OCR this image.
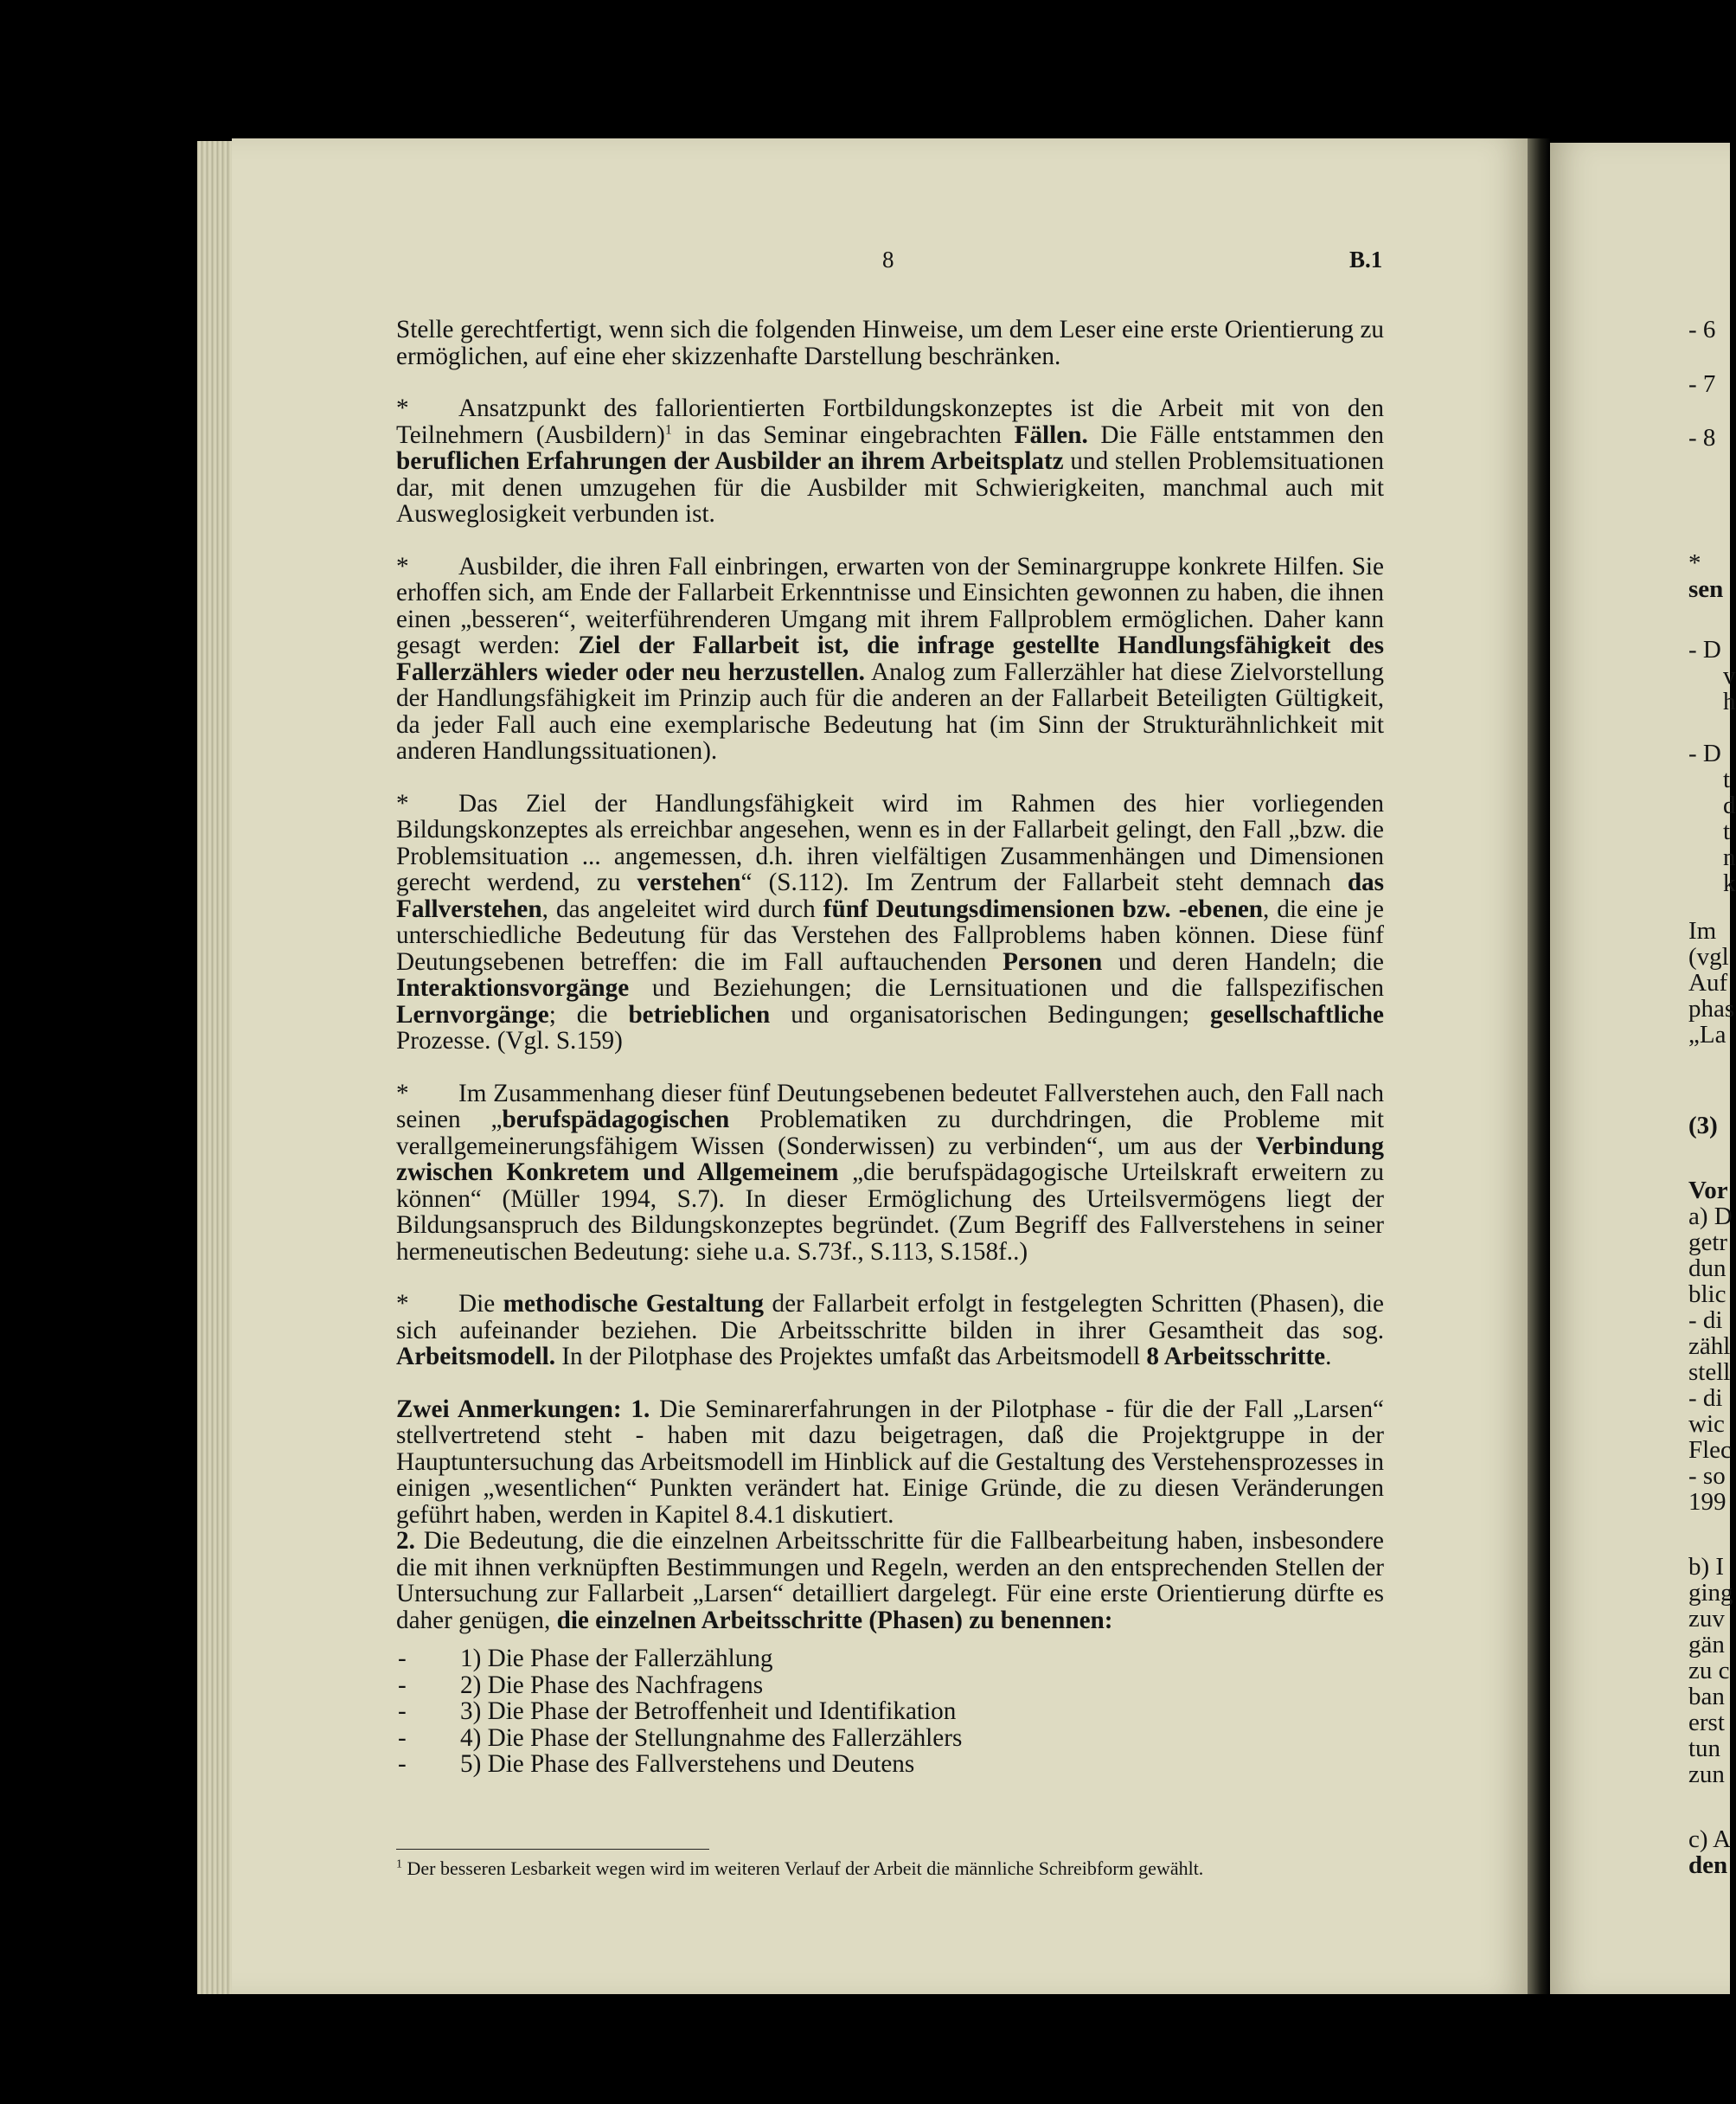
- 6
- 7
- 8
*
sen
- D
v
h
- D
t
d
t
n
k
Im
(vgl
Auf
phas
„La
(3)
Vor
a) D
getr
dun
blic
- di
zähl
stell
- di
wic
Flec
- so
199
b) I
ging
zuv
gän
zu c
ban
erst
tun
zun
c) A
den
8	B.1

Stelle gerechtfertigt, wenn sich die folgenden Hinweise, um dem Leser eine erste Orientierung zu ermöglichen, auf eine eher skizzenhafte Darstellung beschränken.

* Ansatzpunkt des fallorientierten Fortbildungskonzeptes ist die Arbeit mit von den Teilnehmern (Ausbildern)$^1$ in das Seminar eingebrachten Fällen. Die Fälle entstammen den beruflichen Erfahrungen der Ausbilder an ihrem Arbeitsplatz und stellen Problemsituationen dar, mit denen umzugehen für die Ausbilder mit Schwierigkeiten, manchmal auch mit Ausweglosigkeit verbunden ist.

* Ausbilder, die ihren Fall einbringen, erwarten von der Seminargruppe konkrete Hilfen. Sie erhoffen sich, am Ende der Fallarbeit Erkenntnisse und Einsichten gewonnen zu haben, die ihnen einen „besseren“, weiterführenderen Umgang mit ihrem Fallproblem ermöglichen. Daher kann gesagt werden: Ziel der Fallarbeit ist, die infrage gestellte Handlungsfähigkeit des Fallerzählers wieder oder neu herzustellen. Analog zum Fallerzähler hat diese Zielvorstellung der Handlungsfähigkeit im Prinzip auch für die anderen an der Fallarbeit Beteiligten Gültigkeit, da jeder Fall auch eine exemplarische Bedeutung hat (im Sinn der Strukturähnlichkeit mit anderen Handlungssituationen).

* Das Ziel der Handlungsfähigkeit wird im Rahmen des hier vorliegenden Bildungskonzeptes als erreichbar angesehen, wenn es in der Fallarbeit gelingt, den Fall „bzw. die Problemsituation ... angemessen, d.h. ihren vielfältigen Zusammenhängen und Dimensionen gerecht werdend, zu verstehen“ (S.112). Im Zentrum der Fallarbeit steht demnach das Fallverstehen, das angeleitet wird durch fünf Deutungsdimensionen bzw. -ebenen, die eine je unterschiedliche Bedeutung für das Verstehen des Fallproblems haben können. Diese fünf Deutungsebenen betreffen: die im Fall auftauchenden Personen und deren Handeln; die Interaktionsvorgänge und Beziehungen; die Lernsituationen und die fallspezifischen Lernvorgänge; die betrieblichen und organisatorischen Bedingungen; gesellschaftliche Prozesse. (Vgl. S.159)

* Im Zusammenhang dieser fünf Deutungsebenen bedeutet Fallverstehen auch, den Fall nach seinen „berufspädagogischen Problematiken zu durchdringen, die Probleme mit verallgemeinerungsfähigem Wissen (Sonderwissen) zu verbinden“, um aus der Verbindung zwischen Konkretem und Allgemeinem „die berufspädagogische Urteilskraft erweitern zu können“ (Müller 1994, S.7). In dieser Ermöglichung des Urteilsvermögens liegt der Bildungsanspruch des Bildungskonzeptes begründet. (Zum Begriff des Fallverstehens in seiner hermeneutischen Bedeutung: siehe u.a. S.73f., S.113, S.158f..)

* Die methodische Gestaltung der Fallarbeit erfolgt in festgelegten Schritten (Phasen), die sich aufeinander beziehen. Die Arbeitsschritte bilden in ihrer Gesamtheit das sog. Arbeitsmodell. In der Pilotphase des Projektes umfaßt das Arbeitsmodell 8 Arbeitsschritte.

Zwei Anmerkungen: 1. Die Seminarerfahrungen in der Pilotphase - für die der Fall „Larsen“ stellvertretend steht - haben mit dazu beigetragen, daß die Projektgruppe in der Hauptuntersuchung das Arbeitsmodell im Hinblick auf die Gestaltung des Verstehensprozesses in einigen „wesentlichen“ Punkten verändert hat. Einige Gründe, die zu diesen Veränderungen geführt haben, werden in Kapitel 8.4.1 diskutiert.

2. Die Bedeutung, die die einzelnen Arbeitsschritte für die Fallbearbeitung haben, insbesondere die mit ihnen verknüpften Bestimmungen und Regeln, werden an den entsprechenden Stellen der Untersuchung zur Fallarbeit „Larsen“ detailliert dargelegt. Für eine erste Orientierung dürfte es daher genügen, die einzelnen Arbeitsschritte (Phasen) zu benennen:

- 1) Die Phase der Fallerzählung
- 2) Die Phase des Nachfragens
- 3) Die Phase der Betroffenheit und Identifikation
- 4) Die Phase der Stellungnahme des Fallerzählers
- 5) Die Phase des Fallverstehens und Deutens
$^1$ Der besseren Lesbarkeit wegen wird im weiteren Verlauf der Arbeit die männliche Schreibform gewählt.
